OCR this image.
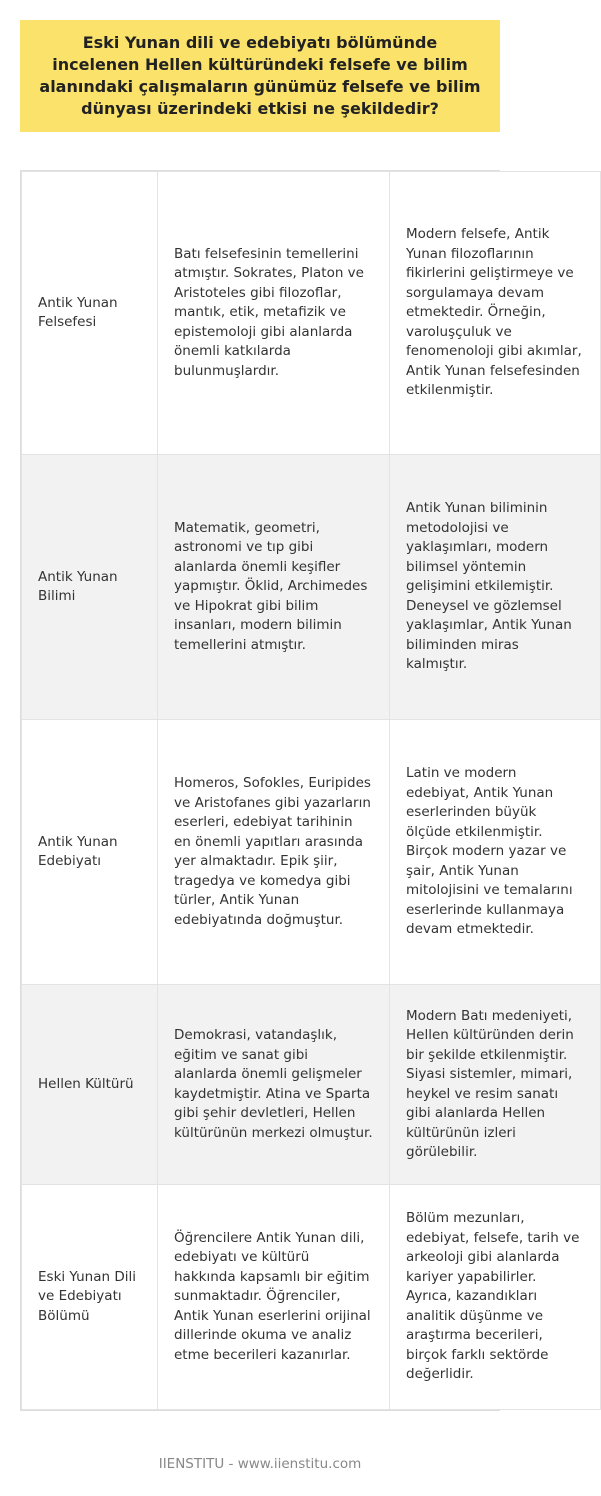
Eski Yunan dili ve edebiyatı bölümünde incelenen Hellen kültüründeki felsefe ve bilim alanındaki çalışmaların günümüz felsefe ve bilim dünyası üzerindeki etkisi ne şekildedir?
Antik Yunan Felsefesi	Batı felsefesinin temellerini atmıştır. Sokrates, Platon ve Aristoteles gibi filozoflar, mantık, etik, metafizik ve epistemoloji gibi alanlarda önemli katkılarda bulunmuşlardır.	Modern felsefe, Antik Yunan filozoflarının fikirlerini geliştirmeye ve sorgulamaya devam etmektedir. Örneğin, varoluşçuluk ve fenomenoloji gibi akımlar, Antik Yunan felsefesinden etkilenmiştir.
Antik Yunan Bilimi	Matematik, geometri, astronomi ve tıp gibi alanlarda önemli keşifler yapmıştır. Öklid, Archimedes ve Hipokrat gibi bilim insanları, modern bilimin temellerini atmıştır.	Antik Yunan biliminin metodolojisi ve yaklaşımları, modern bilimsel yöntemin gelişimini etkilemiştir. Deneysel ve gözlemsel yaklaşımlar, Antik Yunan biliminden miras kalmıştır.
Antik Yunan Edebiyatı	Homeros, Sofokles, Euripides ve Aristofanes gibi yazarların eserleri, edebiyat tarihinin en önemli yapıtları arasında yer almaktadır. Epik şiir, tragedya ve komedya gibi türler, Antik Yunan edebiyatında doğmuştur.	Latin ve modern edebiyat, Antik Yunan eserlerinden büyük ölçüde etkilenmiştir. Birçok modern yazar ve şair, Antik Yunan mitolojisini ve temalarını eserlerinde kullanmaya devam etmektedir.
Hellen Kültürü	Demokrasi, vatandaşlık, eğitim ve sanat gibi alanlarda önemli gelişmeler kaydetmiştir. Atina ve Sparta gibi şehir devletleri, Hellen kültürünün merkezi olmuştur.	Modern Batı medeniyeti, Hellen kültüründen derin bir şekilde etkilenmiştir. Siyasi sistemler, mimari, heykel ve resim sanatı gibi alanlarda Hellen kültürünün izleri görülebilir.
Eski Yunan Dili ve Edebiyatı Bölümü	Öğrencilere Antik Yunan dili, edebiyatı ve kültürü hakkında kapsamlı bir eğitim sunmaktadır. Öğrenciler, Antik Yunan eserlerini orijinal dillerinde okuma ve analiz etme becerileri kazanırlar.	Bölüm mezunları, edebiyat, felsefe, tarih ve arkeoloji gibi alanlarda kariyer yapabilirler. Ayrıca, kazandıkları analitik düşünme ve araştırma becerileri, birçok farklı sektörde değerlidir.
IIENSTITU - www.iienstitu.com
